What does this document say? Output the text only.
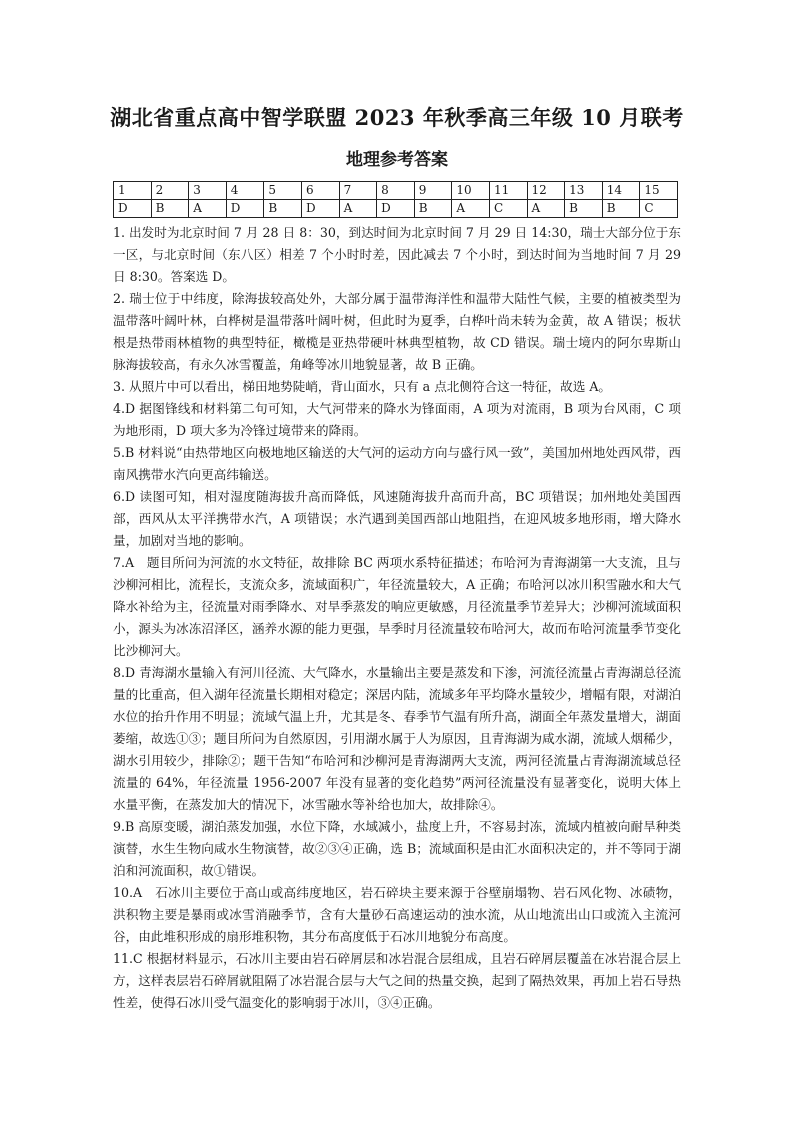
湖北省重点高中智学联盟 2023 年秋季高三年级 10 月联考
地理参考答案
1	2	3	4	5	6	7	8	9	10	11	12	13	14	15
D	B	A	D	B	D	A	D	B	A	C	A	B	B	C

1. 出发时为北京时间 7 月 28 日 8：30，到达时间为北京时间 7 月 29 日 14:30，瑞士大部分位于东一区，与北京时间（东八区）相差 7 个小时时差，因此减去 7 个小时，到达时间为当地时间 7 月 29 日 8:30。答案选 D。

2. 瑞士位于中纬度，除海拔较高处外，大部分属于温带海洋性和温带大陆性气候，主要的植被类型为温带落叶阔叶林，白桦树是温带落叶阔叶树，但此时为夏季，白桦叶尚未转为金黄，故 A 错误；板状根是热带雨林植物的典型特征，橄榄是亚热带硬叶林典型植物，故 CD 错误。瑞士境内的阿尔卑斯山脉海拔较高，有永久冰雪覆盖，角峰等冰川地貌显著，故 B 正确。

3. 从照片中可以看出，梯田地势陡峭，背山面水，只有 a 点北侧符合这一特征，故选 A。

4.D 据图锋线和材料第二句可知，大气河带来的降水为锋面雨，A 项为对流雨，B 项为台风雨，C 项为地形雨，D 项大多为冷锋过境带来的降雨。

5.B 材料说“由热带地区向极地地区输送的大气河的运动方向与盛行风一致”，美国加州地处西风带，西南风携带水汽向更高纬输送。

6.D 读图可知，相对湿度随海拔升高而降低，风速随海拔升高而升高，BC 项错误；加州地处美国西部，西风从太平洋携带水汽，A 项错误；水汽遇到美国西部山地阻挡，在迎风坡多地形雨，增大降水量，加剧对当地的影响。

7.A　题目所问为河流的水文特征，故排除 BC 两项水系特征描述；布哈河为青海湖第一大支流，且与沙柳河相比，流程长，支流众多，流域面积广，年径流量较大，A 正确；布哈河以冰川积雪融水和大气降水补给为主，径流量对雨季降水、对旱季蒸发的响应更敏感，月径流量季节差异大；沙柳河流域面积小，源头为冰冻沼泽区，涵养水源的能力更强，旱季时月径流量较布哈河大，故而布哈河流量季节变化比沙柳河大。

8.D 青海湖水量输入有河川径流、大气降水，水量输出主要是蒸发和下渗，河流径流量占青海湖总径流量的比重高，但入湖年径流量长期相对稳定；深居内陆，流域多年平均降水量较少，增幅有限，对湖泊水位的抬升作用不明显；流域气温上升，尤其是冬、春季节气温有所升高，湖面全年蒸发量增大，湖面萎缩，故选①③；题目所问为自然原因，引用湖水属于人为原因，且青海湖为咸水湖，流域人烟稀少，湖水引用较少，排除②；题干告知“布哈河和沙柳河是青海湖两大支流，两河径流量占青海湖流域总径流量的 64%，年径流量 1956-2007 年没有显著的变化趋势”两河径流量没有显著变化，说明大体上水量平衡，在蒸发加大的情况下，冰雪融水等补给也加大，故排除④。

9.B 高原变暖，湖泊蒸发加强，水位下降，水域减小，盐度上升，不容易封冻，流域内植被向耐旱种类演替，水生生物向咸水生物演替，故②③④正确，选 B；流域面积是由汇水面积决定的，并不等同于湖泊和河流面积，故①错误。

10.A　石冰川主要位于高山或高纬度地区，岩石碎块主要来源于谷壁崩塌物、岩石风化物、冰碛物，洪积物主要是暴雨或冰雪消融季节，含有大量砂石高速运动的浊水流，从山地流出山口或流入主流河谷，由此堆积形成的扇形堆积物，其分布高度低于石冰川地貌分布高度。

11.C 根据材料显示，石冰川主要由岩石碎屑层和冰岩混合层组成，且岩石碎屑层覆盖在冰岩混合层上方，这样表层岩石碎屑就阻隔了冰岩混合层与大气之间的热量交换，起到了隔热效果，再加上岩石导热性差，使得石冰川受气温变化的影响弱于冰川，③④正确。
